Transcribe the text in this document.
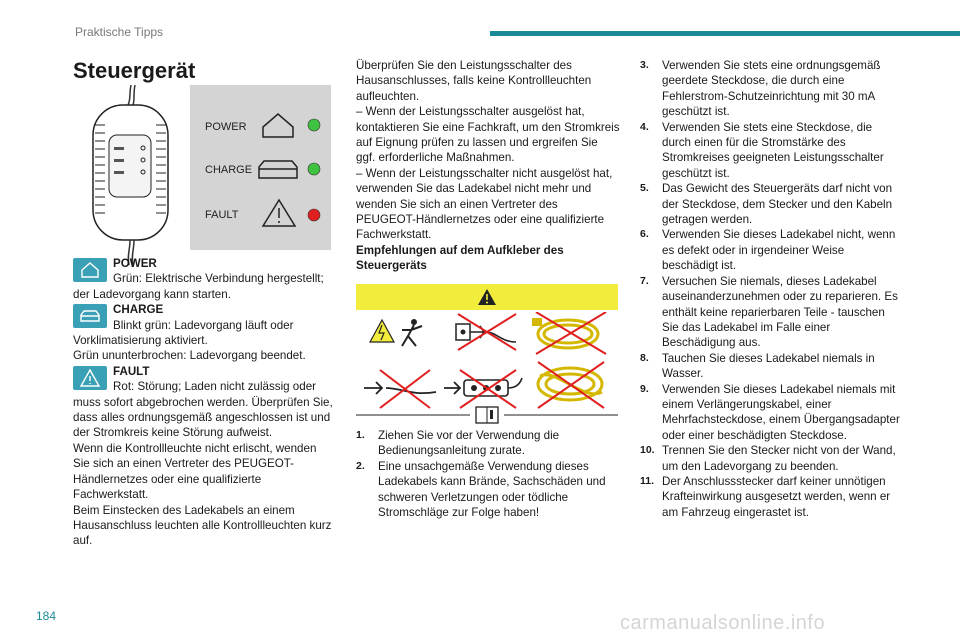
Praktische Tipps
Steuergerät
POWER
CHARGE
FAULT
POWER
Grün: Elektrische Verbindung hergestellt; der Ladevorgang kann starten.
CHARGE
Blinkt grün: Ladevorgang läuft oder Vorklimatisierung aktiviert.
Grün ununterbrochen: Ladevorgang beendet.
FAULT
Rot: Störung; Laden nicht zulässig oder muss sofort abgebrochen werden. Überprüfen Sie, dass alles ordnungsgemäß angeschlossen ist und der Stromkreis keine Störung aufweist.
Wenn die Kontrollleuchte nicht erlischt, wenden Sie sich an einen Vertreter des PEUGEOT-Händlernetzes oder eine qualifizierte Fachwerkstatt.
Beim Einstecken des Ladekabels an einem Hausanschluss leuchten alle Kontrollleuchten kurz auf.

Überprüfen Sie den Leistungsschalter des Hausanschlusses, falls keine Kontrollleuchten aufleuchten.

– Wenn der Leistungsschalter ausgelöst hat, kontaktieren Sie eine Fachkraft, um den Stromkreis auf Eignung prüfen zu lassen und ergreifen Sie ggf. erforderliche Maßnahmen.

– Wenn der Leistungsschalter nicht ausgelöst hat, verwenden Sie das Ladekabel nicht mehr und wenden Sie sich an einen Vertreter des PEUGEOT-Händlernetzes oder eine qualifizierte Fachwerkstatt.

Empfehlungen auf dem Aufkleber des Steuergeräts

1. Ziehen Sie vor der Verwendung die Bedienungsanleitung zurate.
2. Eine unsachgemäße Verwendung dieses Ladekabels kann Brände, Sachschäden und schweren Verletzungen oder tödliche Stromschläge zur Folge haben!
3. Verwenden Sie stets eine ordnungsgemäß geerdete Steckdose, die durch eine Fehlerstrom-Schutzeinrichtung mit 30 mA geschützt ist.
4. Verwenden Sie stets eine Steckdose, die durch einen für die Stromstärke des Stromkreises geeigneten Leistungsschalter geschützt ist.
5. Das Gewicht des Steuergeräts darf nicht von der Steckdose, dem Stecker und den Kabeln getragen werden.
6. Verwenden Sie dieses Ladekabel nicht, wenn es defekt oder in irgendeiner Weise beschädigt ist.
7. Versuchen Sie niemals, dieses Ladekabel auseinanderzunehmen oder zu reparieren. Es enthält keine reparierbaren Teile - tauschen Sie das Ladekabel im Falle einer Beschädigung aus.
8. Tauchen Sie dieses Ladekabel niemals in Wasser.
9. Verwenden Sie dieses Ladekabel niemals mit einem Verlängerungskabel, einer Mehrfachsteckdose, einem Übergangsadapter oder einer beschädigten Steckdose.
10. Trennen Sie den Stecker nicht von der Wand, um den Ladevorgang zu beenden.
11. Der Anschlussstecker darf keiner unnötigen Krafteinwirkung ausgesetzt werden, wenn er am Fahrzeug eingerastet ist.
184	carmanualsonline.info
